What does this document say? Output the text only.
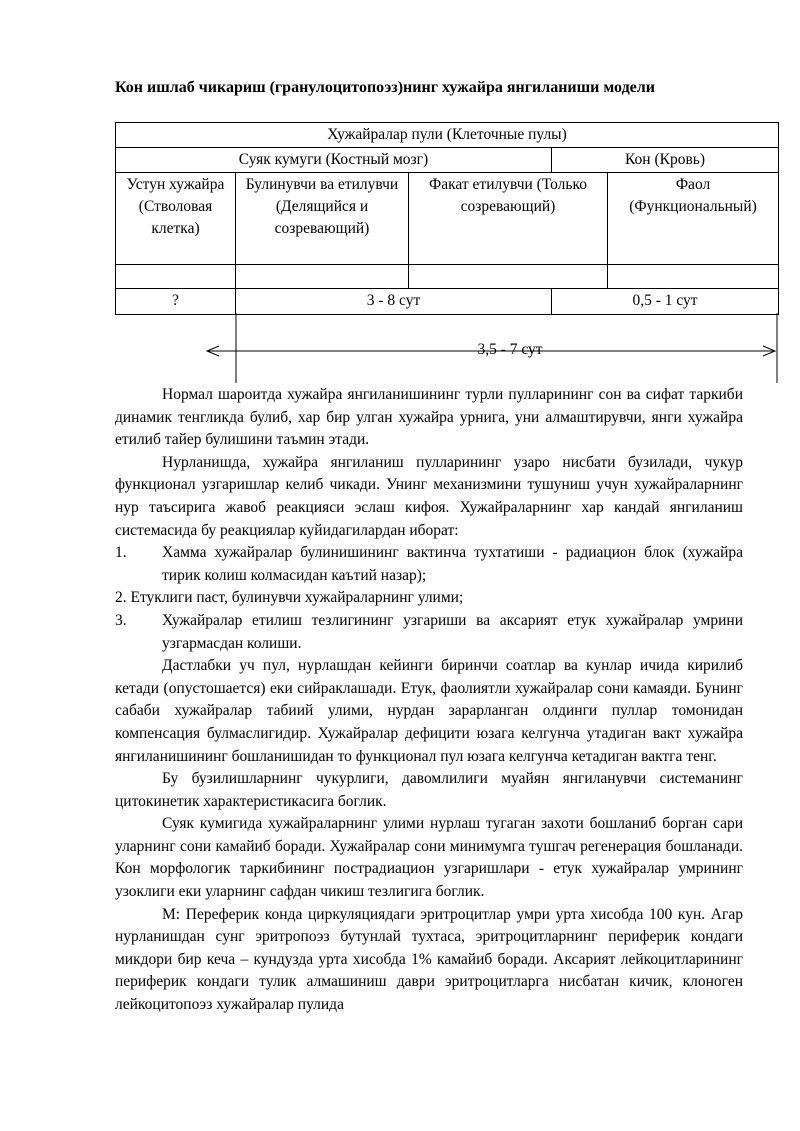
Кон ишлаб чикариш (гранулоцитопоэз)нинг хужайра янгиланиши модели
Хужайралар пули (Клеточные пулы)				
Суяк кумуги (Костный мозг)			Кон (Кровь)	
Устун хужайра (Стволовая клетка)	Булинувчи ва етилувчи (Делящийся и созревающий)	Факат етилувчи (Только созревающий)		Фаол (Функциональный)

?	3 - 8 сут		0,5 - 1 сут	
3,5 - 7 сут

Нормал шароитда хужайра янгиланишининг турли пулларининг сон ва сифат таркиби динамик тенгликда булиб, хар бир улган хужайра урнига, уни алмаштирувчи, янги хужайра етилиб тайер булишини таъмин этади.

Нурланишда, хужайра янгиланиш пулларининг узаро нисбати бузилади, чукур функционал узгаришлар келиб чикади. Унинг механизмини тушуниш учун хужайраларнинг нур таъсирига жавоб реакцияси эслаш кифоя. Хужайраларнинг хар кандай янгиланиш системасида бу реакциялар куйидагилардан иборат:

1.	Хамма хужайралар булинишининг вактинча тухтатиши - радиацион блок (хужайра тирик колиш колмасидан каътий назар);

2. Етуклиги паст, булинувчи хужайраларнинг улими;

3.	Хужайралар етилиш тезлигининг узгариши ва аксарият етук хужайралар умрини узгармасдан колиши.

Дастлабки уч пул, нурлашдан кейинги биринчи соатлар ва кунлар ичида кирилиб кетади (опустошается) еки сийраклашади. Етук, фаолиятли хужайралар сони камаяди. Бунинг сабаби хужайралар табиий улими, нурдан зарарланган олдинги пуллар томонидан компенсация булмаслигидир. Хужайралар дефицити юзага келгунча утадиган вакт хужайра янгиланишининг бошланишидан то функционал пул юзага келгунча кетадиган вактга тенг.

Бу бузилишларнинг чукурлиги, давомлилиги муайян янгиланувчи системанинг цитокинетик характеристикасига боглик.

Суяк кумигида хужайраларнинг улими нурлаш тугаган захоти бошланиб борган сари уларнинг сони камайиб боради. Хужайралар сони минимумга тушгач регенерация бошланади. Кон морфологик таркибининг пострадиацион узгаришлари - етук хужайралар умрининг узоклиги еки уларнинг сафдан чикиш тезлигига боглик.

М: Переферик конда циркуляциядаги эритроцитлар умри урта хисобда 100 кун. Агар нурланишдан сунг эритропоэз бутунлай тухтаса, эритроцитларнинг периферик кондаги микдори бир кеча – кундузда урта хисобда 1% камайиб боради. Аксарият лейкоцитларининг периферик кондаги тулик алмашиниш даври эритроцитларга нисбатан кичик, клоноген лейкоцитопоэз хужайралар пулида
